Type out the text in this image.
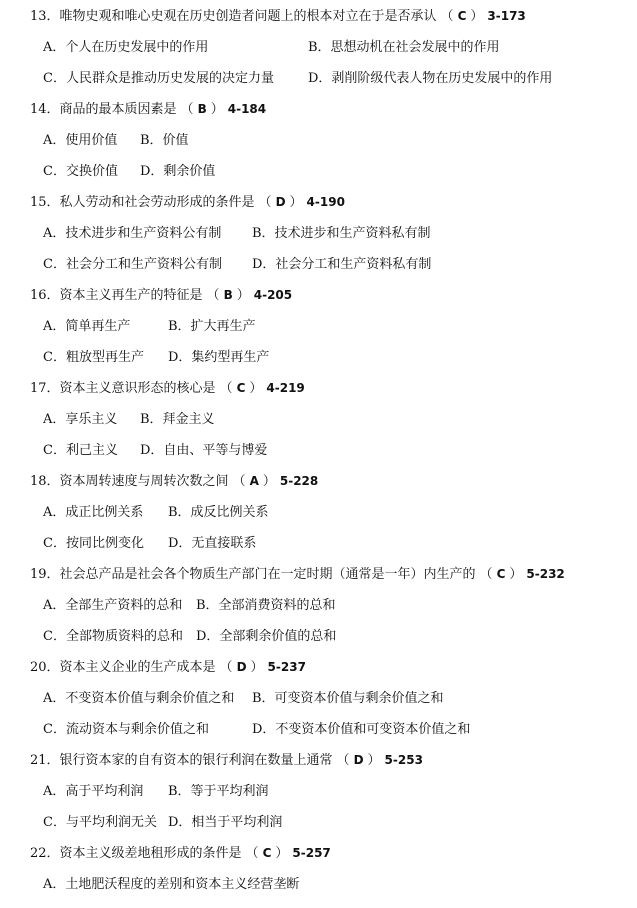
13．唯物史观和唯心史观在历史创造者问题上的根本对立在于是否承认 （ C ） 3-173
A．个人在历史发展中的作用	B．思想动机在社会发展中的作用
C．人民群众是推动历史发展的决定力量	D．剥削阶级代表人物在历史发展中的作用
14．商品的最本质因素是 （ B ） 4-184
A．使用价值 B．价值
C．交换价值 D．剩余价值
15．私人劳动和社会劳动形成的条件是 （ D ） 4-190
A．技术进步和生产资料公有制 B．技术进步和生产资料私有制
C．社会分工和生产资料公有制 D．社会分工和生产资料私有制
16．资本主义再生产的特征是 （ B ） 4-205
A．简单再生产	B．扩大再生产
C．粗放型再生产 D．集约型再生产
17．资本主义意识形态的核心是 （ C ） 4-219
A．享乐主义 B．拜金主义
C．利己主义 D．自由、平等与博爱
18．资本周转速度与周转次数之间 （ A ） 5-228
A．成正比例关系 B．成反比例关系
C．按同比例变化 D．无直接联系
19．社会总产品是社会各个物质生产部门在一定时期（通常是一年）内生产的 （ C ） 5-232
A．全部生产资料的总和 B．全部消费资料的总和
C．全部物质资料的总和 D．全部剩余价值的总和
20．资本主义企业的生产成本是 （ D ） 5-237
A．不变资本价值与剩余价值之和 B．可变资本价值与剩余价值之和
C．流动资本与剩余价值之和	D．不变资本价值和可变资本价值之和
21．银行资本家的自有资本的银行利润在数量上通常 （ D ） 5-253
A．高于平均利润 B．等于平均利润
C．与平均利润无关 D．相当于平均利润
22．资本主义级差地租形成的条件是 （ C ） 5-257
A．土地肥沃程度的差别和资本主义经营垄断
